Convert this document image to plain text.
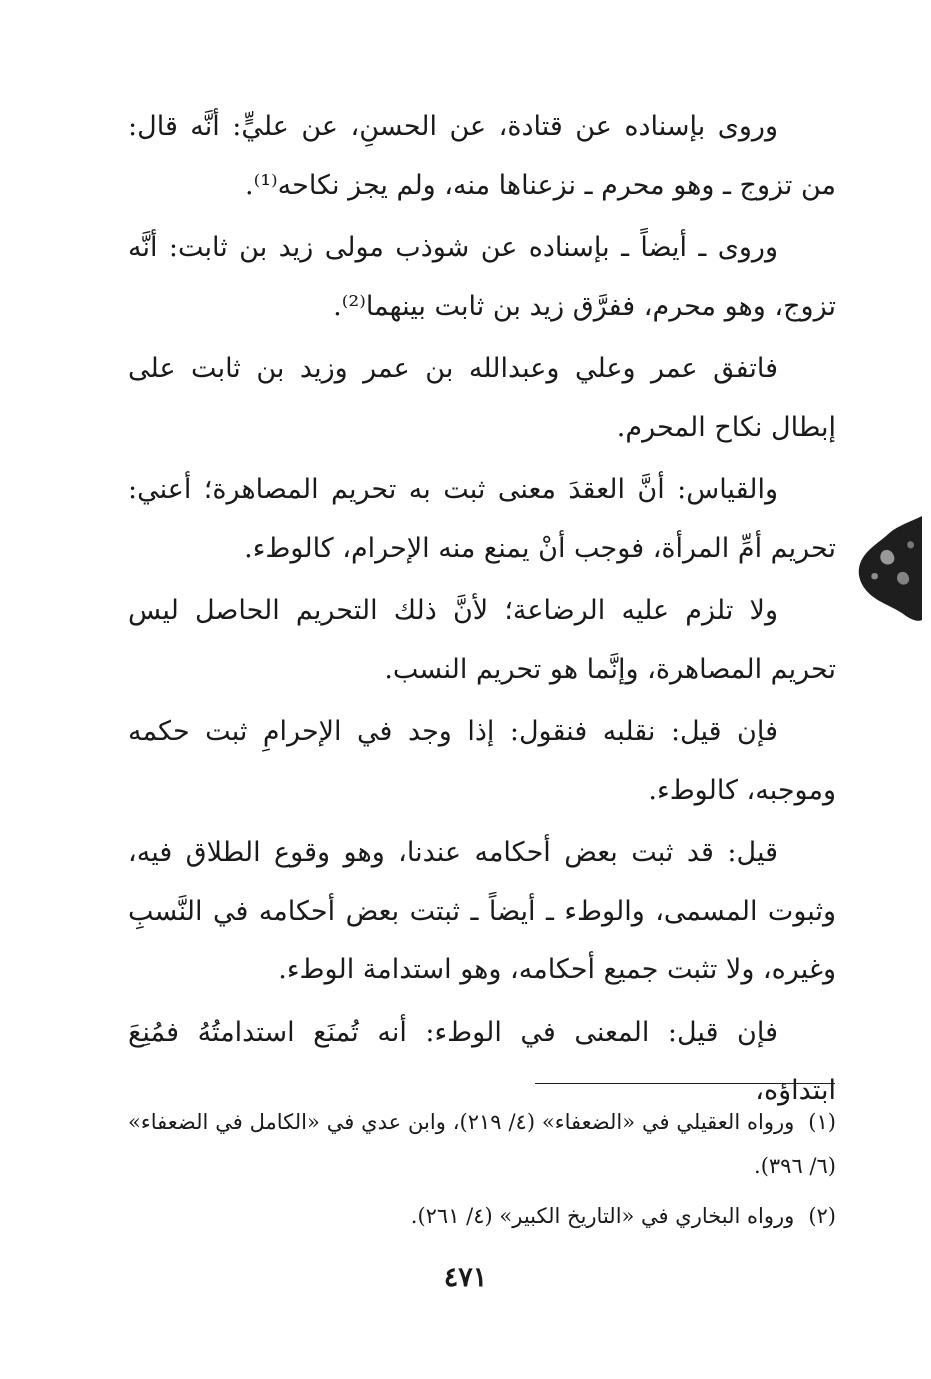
وروى بإسناده عن قتادة، عن الحسنِ، عن عليٍّ: أنَّه قال: من تزوج ـ وهو محرم ـ نزعناها منه، ولم يجز نكاحه⁽¹⁾.

وروى ـ أيضاً ـ بإسناده عن شوذب مولى زيد بن ثابت: أنَّه تزوج، وهو محرم، ففرَّق زيد بن ثابت بينهما⁽²⁾.

فاتفق عمر وعلي وعبدالله بن عمر وزيد بن ثابت على إبطال نكاح المحرم.

والقياس: أنَّ العقدَ معنى ثبت به تحريم المصاهرة؛ أعني: تحريم أمِّ المرأة، فوجب أنْ يمنع منه الإحرام، كالوطء.

ولا تلزم عليه الرضاعة؛ لأنَّ ذلك التحريم الحاصل ليس تحريم المصاهرة، وإنَّما هو تحريم النسب.

فإن قيل: نقلبه فنقول: إذا وجد في الإحرامِ ثبت حكمه وموجبه، كالوطء.

قيل: قد ثبت بعض أحكامه عندنا، وهو وقوع الطلاق فيه، وثبوت المسمى، والوطء ـ أيضاً ـ ثبتت بعض أحكامه في النَّسبِ وغيره، ولا تثبت جميع أحكامه، وهو استدامة الوطء.

فإن قيل: المعنى في الوطء: أنه تُمنَع استدامتُهُ فمُنِعَ ابتداؤه،

(١)ورواه العقيلي في «الضعفاء» (٤/ ٢١٩)، وابن عدي في «الكامل في الضعفاء» (٦/ ٣٩٦).

(٢)ورواه البخاري في «التاريخ الكبير» (٤/ ٢٦١).

٤٧١
